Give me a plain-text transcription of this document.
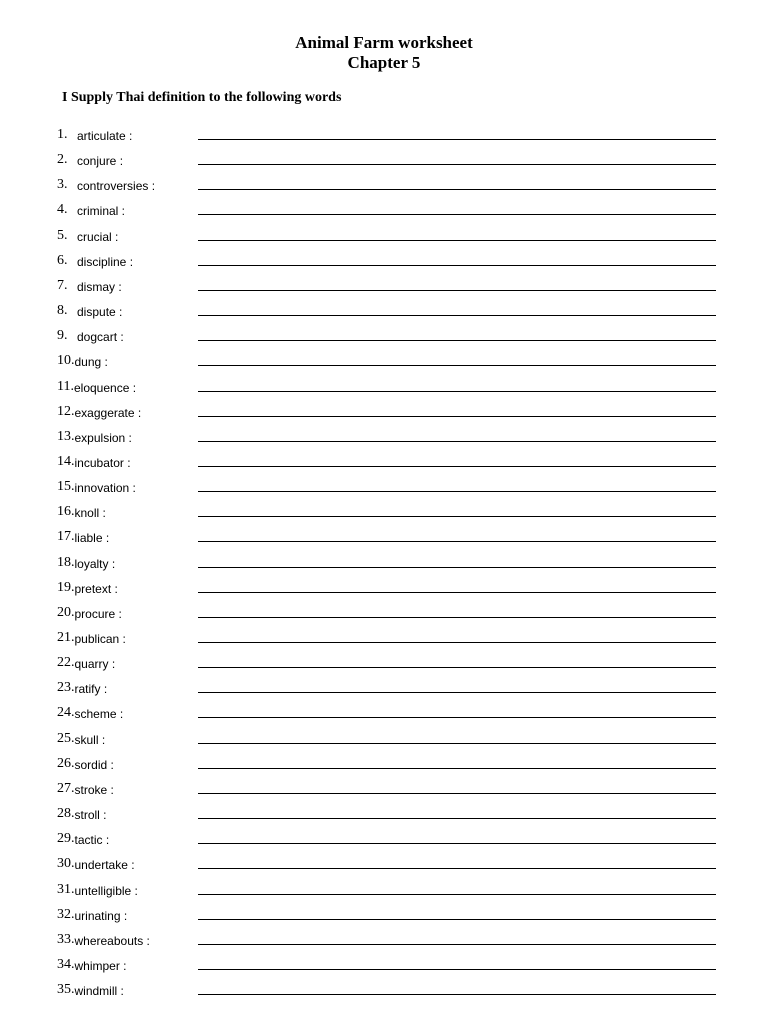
Animal Farm worksheet
Chapter 5
I Supply Thai definition to the following words
1. articulate :
2. conjure :
3. controversies :
4. criminal :
5. crucial :
6. discipline :
7. dismay :
8. dispute :
9. dogcart :
10. dung :
11. eloquence :
12. exaggerate :
13. expulsion :
14. incubator :
15. innovation :
16. knoll :
17. liable :
18. loyalty :
19. pretext :
20. procure :
21. publican :
22. quarry :
23. ratify :
24. scheme :
25. skull :
26. sordid :
27. stroke :
28. stroll :
29. tactic :
30. undertake :
31. untelligible :
32. urinating :
33. whereabouts :
34. whimper :
35. windmill :
